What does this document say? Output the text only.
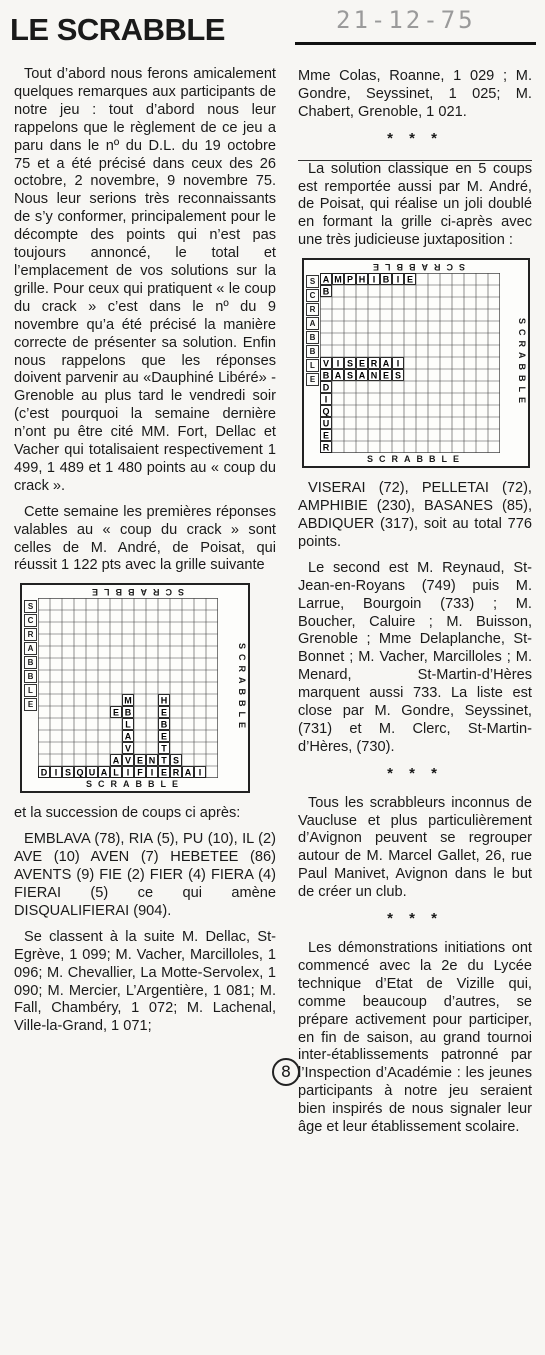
LE SCRABBLE	21-12-75

Tout d’abord nous ferons amicalement quelques remarques aux participants de notre jeu : tout d’abord nous leur rappelons que le règlement de ce jeu a paru dans le nº du D.L. du 19 octobre 75 et a été précisé dans ceux des 26 octobre, 2 novembre, 9 novembre 75. Nous leur serions très reconnaissants de s’y conformer, principalement pour le décompte des points qui n’est pas toujours annoncé, le total et l’emplacement de vos solutions sur la grille. Pour ceux qui pratiquent « le coup du crack » c’est dans le nº du 9 novembre qu’a été précisé la manière correcte de présenter sa solution. Enfin nous rappelons que les réponses doivent parvenir au «Dauphiné Libéré» - Grenoble au plus tard le vendredi soir (c’est pourquoi la semaine dernière n’ont pu être cité MM. Fort, Dellac et Vacher qui totalisaient respectivement 1 499, 1 489 et 1 480 points au « coup du crack ».

Cette semaine les premières réponses valables au « coup du crack » sont celles de M. André, de Poisat, qui réussit 1 122 pts avec la grille suivante

SCRABBLE
S
C
R
A
B
B
L
E	M	H
E B	E
L	B
A	E
V	T
A V E N T S
D I S Q U A L I F I E R A I
SCRABBLE
SCRABBLE

et la succession de coups ci après:

EMBLAVA (78), RIA (5), PU (10), IL (2) AVE (10) AVEN (7) HEBETEE (86) AVENTS (9) FIE (2) FIER (4) FIERA (4) FIERAI (5) ce qui amène DISQUALIFIERAI (904).

Se classent à la suite M. Dellac, St-Egrève, 1 099; M. Vacher, Marcilloles, 1 096; M. Chevallier, La Motte-Servolex, 1 090; M. Mercier, L’Argentière, 1 081; M. Fall, Chambéry, 1 072; M. Lachenal, Ville-la-Grand, 1 071;

Mme Colas, Roanne, 1 029 ; M. Gondre, Seyssinet, 1 025; M. Chabert, Grenoble, 1 021.

* * *

La solution classique en 5 coups est remportée aussi par M. André, de Poisat, qui réalise un joli doublé en formant la grille ci-après avec une très judicieuse juxtaposition :

SCRABBLE
S
C
R
A
B
B
L
E
A M P H I B I E
B
V I S E R A I
B A S A N E S
D
I
Q
U
E
R
SCRABBLE
SCRABBLE

VISERAI (72), PELLETAI (72), AMPHIBIE (230), BASANES (85), ABDIQUER (317), soit au total 776 points.

Le second est M. Reynaud, St-Jean-en-Royans (749) puis M. Larrue, Bourgoin (733) ; M. Boucher, Caluire ; M. Buisson, Grenoble ; Mme Delaplanche, St-Bonnet ; M. Vacher, Marcilloles ; M. Menard, St-Martin-d’Hères marquent aussi 733. La liste est close par M. Gondre, Seyssinet, (731) et M. Clerc, St-Martin-d’Hères, (730).

* * *

Tous les scrabbleurs inconnus de Vaucluse et plus particulièrement d’Avignon peuvent se regrouper autour de M. Marcel Gallet, 26, rue Paul Manivet, Avignon dans le but de créer un club.

* * *

Les démonstrations initiations ont commencé avec la 2e du Lycée technique d’Etat de Vizille qui, comme beaucoup d’autres, se prépare activement pour participer, en fin de saison, au grand tournoi inter-établissements patronné par l’Inspection d’Académie : les jeunes participants à notre jeu seraient bien inspirés de nous signaler leur âge et leur établissement scolaire.

8
